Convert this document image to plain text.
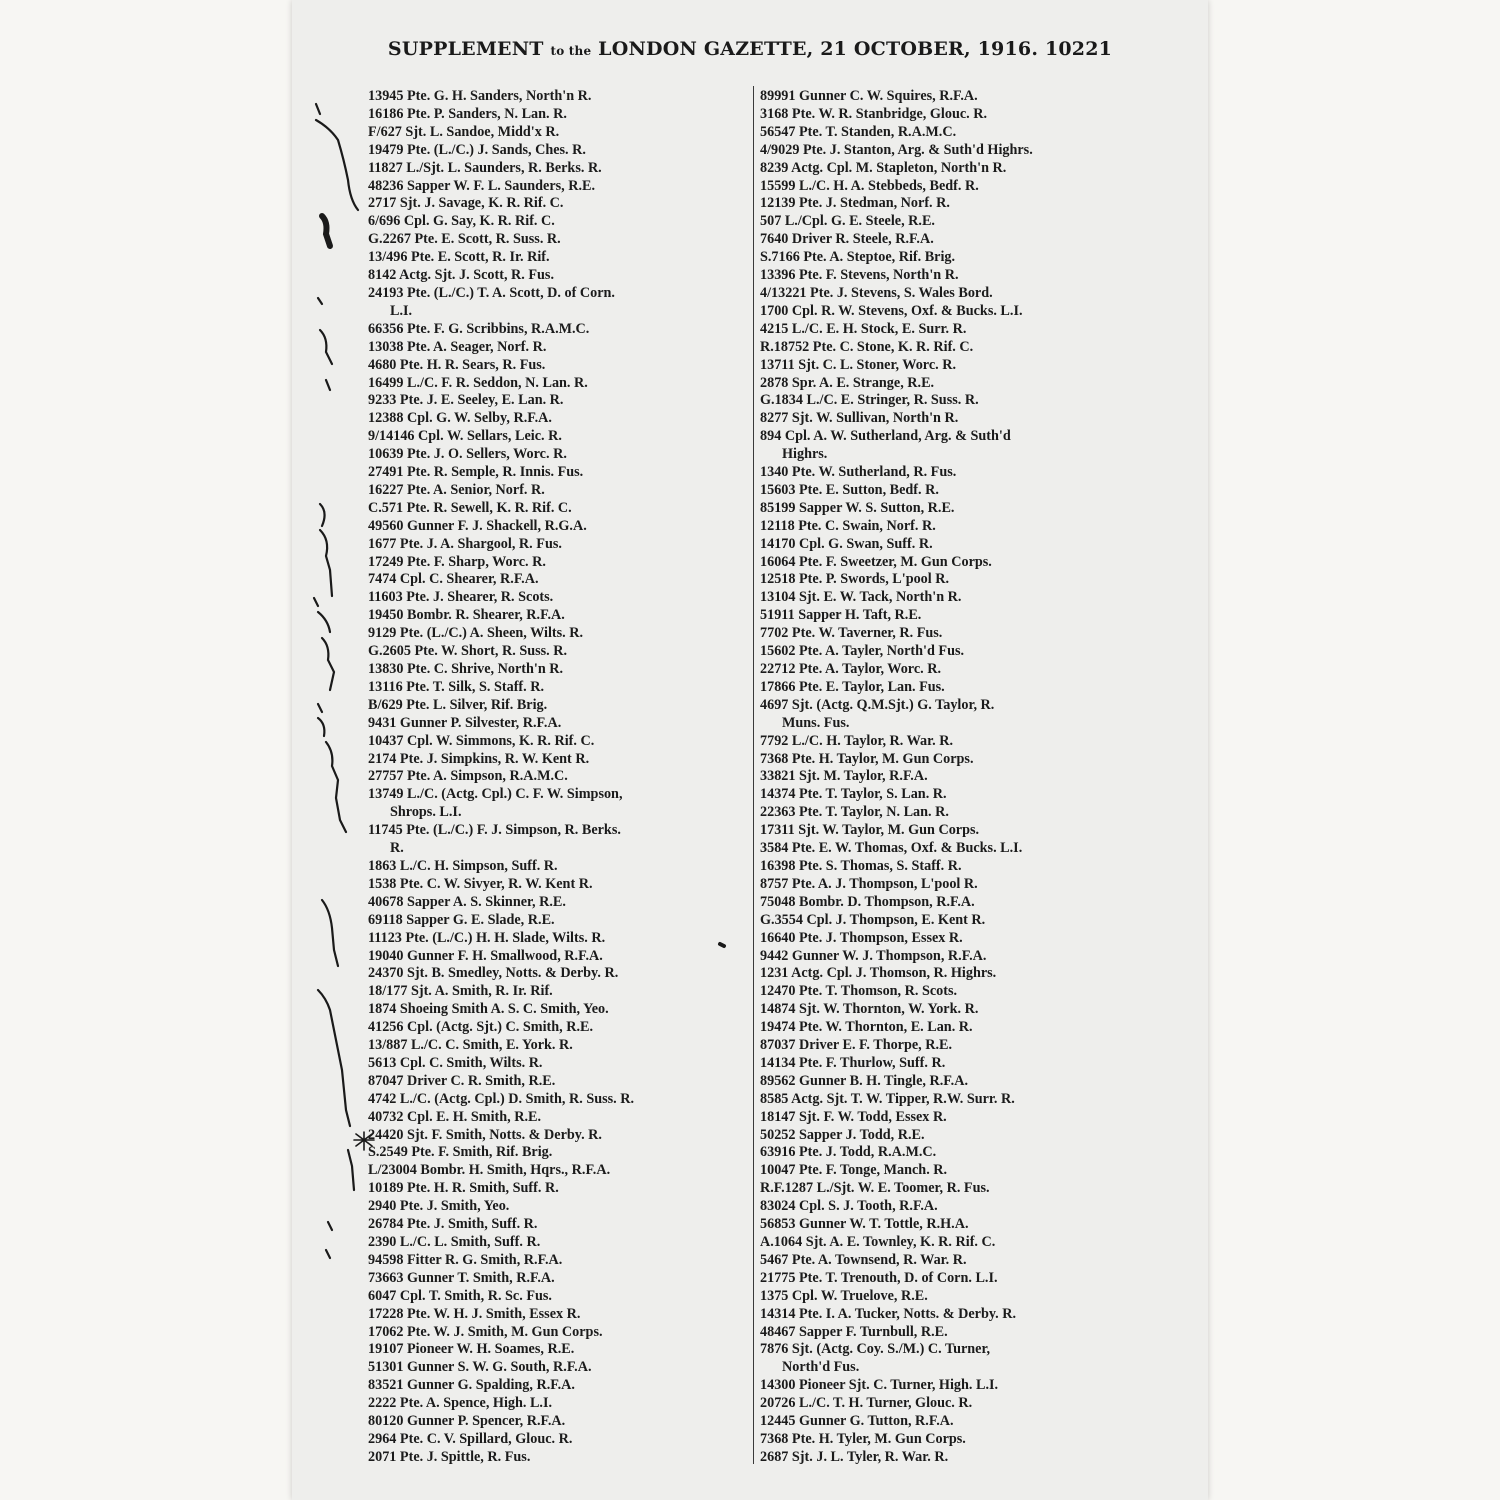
SUPPLEMENT to the LONDON GAZETTE, 21 OCTOBER, 1916. 10221
13945 Pte. G. H. Sanders, North'n R.
16186 Pte. P. Sanders, N. Lan. R.
F/627 Sjt. L. Sandoe, Midd'x R.
19479 Pte. (L./C.) J. Sands, Ches. R.
11827 L./Sjt. L. Saunders, R. Berks. R.
48236 Sapper W. F. L. Saunders, R.E.
2717 Sjt. J. Savage, K. R. Rif. C.
6/696 Cpl. G. Say, K. R. Rif. C.
G.2267 Pte. E. Scott, R. Suss. R.
13/496 Pte. E. Scott, R. Ir. Rif.
8142 Actg. Sjt. J. Scott, R. Fus.
24193 Pte. (L./C.) T. A. Scott, D. of Corn.
L.I.
66356 Pte. F. G. Scribbins, R.A.M.C.
13038 Pte. A. Seager, Norf. R.
4680 Pte. H. R. Sears, R. Fus.
16499 L./C. F. R. Seddon, N. Lan. R.
9233 Pte. J. E. Seeley, E. Lan. R.
12388 Cpl. G. W. Selby, R.F.A.
9/14146 Cpl. W. Sellars, Leic. R.
10639 Pte. J. O. Sellers, Worc. R.
27491 Pte. R. Semple, R. Innis. Fus.
16227 Pte. A. Senior, Norf. R.
C.571 Pte. R. Sewell, K. R. Rif. C.
49560 Gunner F. J. Shackell, R.G.A.
1677 Pte. J. A. Shargool, R. Fus.
17249 Pte. F. Sharp, Worc. R.
7474 Cpl. C. Shearer, R.F.A.
11603 Pte. J. Shearer, R. Scots.
19450 Bombr. R. Shearer, R.F.A.
9129 Pte. (L./C.) A. Sheen, Wilts. R.
G.2605 Pte. W. Short, R. Suss. R.
13830 Pte. C. Shrive, North'n R.
13116 Pte. T. Silk, S. Staff. R.
B/629 Pte. L. Silver, Rif. Brig.
9431 Gunner P. Silvester, R.F.A.
10437 Cpl. W. Simmons, K. R. Rif. C.
2174 Pte. J. Simpkins, R. W. Kent R.
27757 Pte. A. Simpson, R.A.M.C.
13749 L./C. (Actg. Cpl.) C. F. W. Simpson,
Shrops. L.I.
11745 Pte. (L./C.) F. J. Simpson, R. Berks.
R.
1863 L./C. H. Simpson, Suff. R.
1538 Pte. C. W. Sivyer, R. W. Kent R.
40678 Sapper A. S. Skinner, R.E.
69118 Sapper G. E. Slade, R.E.
11123 Pte. (L./C.) H. H. Slade, Wilts. R.
19040 Gunner F. H. Smallwood, R.F.A.
24370 Sjt. B. Smedley, Notts. & Derby. R.
18/177 Sjt. A. Smith, R. Ir. Rif.
1874 Shoeing Smith A. S. C. Smith, Yeo.
41256 Cpl. (Actg. Sjt.) C. Smith, R.E.
13/887 L./C. C. Smith, E. York. R.
5613 Cpl. C. Smith, Wilts. R.
87047 Driver C. R. Smith, R.E.
4742 L./C. (Actg. Cpl.) D. Smith, R. Suss. R.
40732 Cpl. E. H. Smith, R.E.
24420 Sjt. F. Smith, Notts. & Derby. R.
S.2549 Pte. F. Smith, Rif. Brig.
L/23004 Bombr. H. Smith, Hqrs., R.F.A.
10189 Pte. H. R. Smith, Suff. R.
2940 Pte. J. Smith, Yeo.
26784 Pte. J. Smith, Suff. R.
2390 L./C. L. Smith, Suff. R.
94598 Fitter R. G. Smith, R.F.A.
73663 Gunner T. Smith, R.F.A.
6047 Cpl. T. Smith, R. Sc. Fus.
17228 Pte. W. H. J. Smith, Essex R.
17062 Pte. W. J. Smith, M. Gun Corps.
19107 Pioneer W. H. Soames, R.E.
51301 Gunner S. W. G. South, R.F.A.
83521 Gunner G. Spalding, R.F.A.
2222 Pte. A. Spence, High. L.I.
80120 Gunner P. Spencer, R.F.A.
2964 Pte. C. V. Spillard, Glouc. R.
2071 Pte. J. Spittle, R. Fus.
89991 Gunner C. W. Squires, R.F.A.
3168 Pte. W. R. Stanbridge, Glouc. R.
56547 Pte. T. Standen, R.A.M.C.
4/9029 Pte. J. Stanton, Arg. & Suth'd Highrs.
8239 Actg. Cpl. M. Stapleton, North'n R.
15599 L./C. H. A. Stebbeds, Bedf. R.
12139 Pte. J. Stedman, Norf. R.
507 L./Cpl. G. E. Steele, R.E.
7640 Driver R. Steele, R.F.A.
S.7166 Pte. A. Steptoe, Rif. Brig.
13396 Pte. F. Stevens, North'n R.
4/13221 Pte. J. Stevens, S. Wales Bord.
1700 Cpl. R. W. Stevens, Oxf. & Bucks. L.I.
4215 L./C. E. H. Stock, E. Surr. R.
R.18752 Pte. C. Stone, K. R. Rif. C.
13711 Sjt. C. L. Stoner, Worc. R.
2878 Spr. A. E. Strange, R.E.
G.1834 L./C. E. Stringer, R. Suss. R.
8277 Sjt. W. Sullivan, North'n R.
894 Cpl. A. W. Sutherland, Arg. & Suth'd
Highrs.
1340 Pte. W. Sutherland, R. Fus.
15603 Pte. E. Sutton, Bedf. R.
85199 Sapper W. S. Sutton, R.E.
12118 Pte. C. Swain, Norf. R.
14170 Cpl. G. Swan, Suff. R.
16064 Pte. F. Sweetzer, M. Gun Corps.
12518 Pte. P. Swords, L'pool R.
13104 Sjt. E. W. Tack, North'n R.
51911 Sapper H. Taft, R.E.
7702 Pte. W. Taverner, R. Fus.
15602 Pte. A. Tayler, North'd Fus.
22712 Pte. A. Taylor, Worc. R.
17866 Pte. E. Taylor, Lan. Fus.
4697 Sjt. (Actg. Q.M.Sjt.) G. Taylor, R.
Muns. Fus.
7792 L./C. H. Taylor, R. War. R.
7368 Pte. H. Taylor, M. Gun Corps.
33821 Sjt. M. Taylor, R.F.A.
14374 Pte. T. Taylor, S. Lan. R.
22363 Pte. T. Taylor, N. Lan. R.
17311 Sjt. W. Taylor, M. Gun Corps.
3584 Pte. E. W. Thomas, Oxf. & Bucks. L.I.
16398 Pte. S. Thomas, S. Staff. R.
8757 Pte. A. J. Thompson, L'pool R.
75048 Bombr. D. Thompson, R.F.A.
G.3554 Cpl. J. Thompson, E. Kent R.
16640 Pte. J. Thompson, Essex R.
9442 Gunner W. J. Thompson, R.F.A.
1231 Actg. Cpl. J. Thomson, R. Highrs.
12470 Pte. T. Thomson, R. Scots.
14874 Sjt. W. Thornton, W. York. R.
19474 Pte. W. Thornton, E. Lan. R.
87037 Driver E. F. Thorpe, R.E.
14134 Pte. F. Thurlow, Suff. R.
89562 Gunner B. H. Tingle, R.F.A.
8585 Actg. Sjt. T. W. Tipper, R.W. Surr. R.
18147 Sjt. F. W. Todd, Essex R.
50252 Sapper J. Todd, R.E.
63916 Pte. J. Todd, R.A.M.C.
10047 Pte. F. Tonge, Manch. R.
R.F.1287 L./Sjt. W. E. Toomer, R. Fus.
83024 Cpl. S. J. Tooth, R.F.A.
56853 Gunner W. T. Tottle, R.H.A.
A.1064 Sjt. A. E. Townley, K. R. Rif. C.
5467 Pte. A. Townsend, R. War. R.
21775 Pte. T. Trenouth, D. of Corn. L.I.
1375 Cpl. W. Truelove, R.E.
14314 Pte. I. A. Tucker, Notts. & Derby. R.
48467 Sapper F. Turnbull, R.E.
7876 Sjt. (Actg. Coy. S./M.) C. Turner,
North'd Fus.
14300 Pioneer Sjt. C. Turner, High. L.I.
20726 L./C. T. H. Turner, Glouc. R.
12445 Gunner G. Tutton, R.F.A.
7368 Pte. H. Tyler, M. Gun Corps.
2687 Sjt. J. L. Tyler, R. War. R.
